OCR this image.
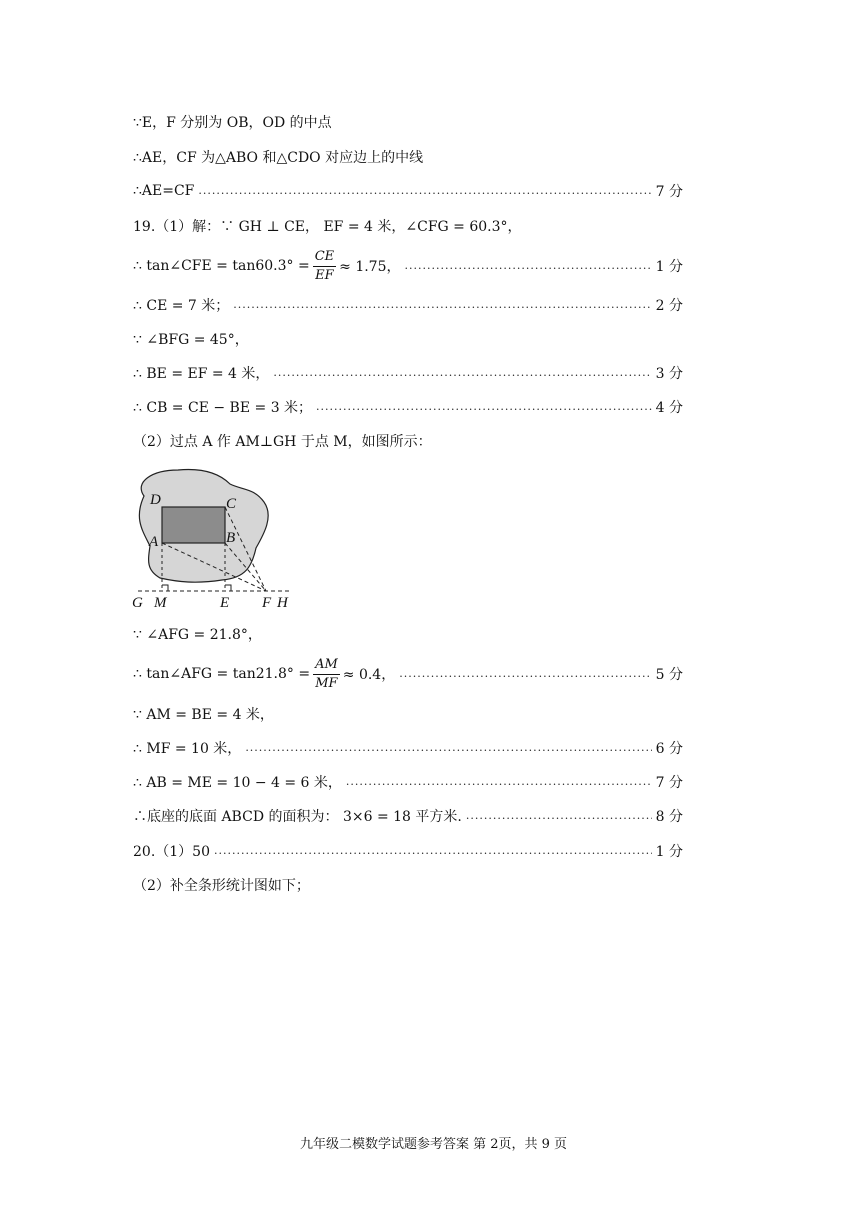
∵E，F 分别为 OB，OD 的中点
∴AE，CF 为△ABO 和△CDO 对应边上的中线
∴AE=CF .....	7 分
19.（1）解：∵ GH ⊥ CE， EF = 4 米，∠CFG = 60.3°，
∴ tan∠CFE = $\tan 60.3^\circ = \frac{CE}{EF} \approx 1.75$， .....	1 分
∴ CE = 7 米； .....	2 分
∵ ∠BFG = 45°，
∴ BE = EF = 4 米， .....	3 分
∴ CB = CE − BE = 3 米； .....	4 分
（2）过点 A 作 AM⊥GH 于点 M，如图所示：
D	C
A	B
G M	E F H
∵ ∠AFG = 21.8°，
∴ tan∠AFG = $\tan 21.8^\circ = \frac{AM}{MF} \approx 0.4$， .....	5 分
∵ AM = BE = 4 米，
∴ MF = 10 米， .....	6 分
∴ AB = ME = 10 − 4 = 6 米， .....	7 分
∴底座的底面 ABCD 的面积为： 3×6 = 18 平方米. .....	8 分
20.（1）50 .....	1 分
（2）补全条形统计图如下；
九年级二模数学试题参考答案 第 2页，共 9 页
